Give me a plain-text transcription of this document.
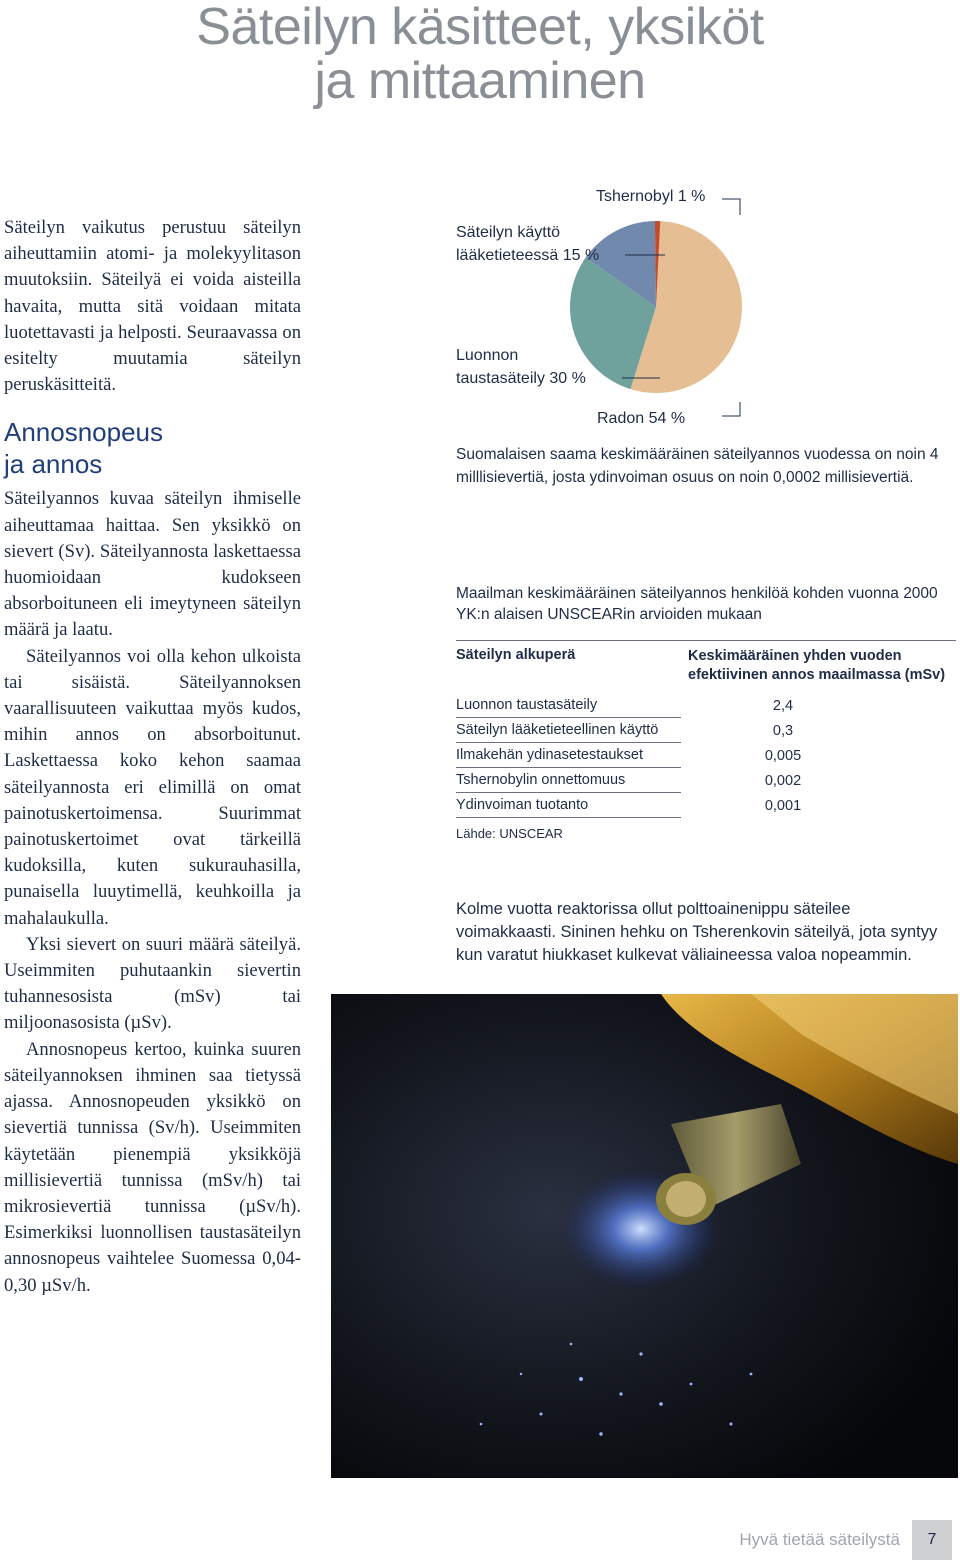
Säteilyn käsitteet, yksiköt
ja mittaaminen

Säteilyn vaikutus perustuu säteilyn aiheuttamiin atomi- ja molekyylitason muutoksiin. Säteilyä ei voida aisteilla havaita, mutta sitä voidaan mitata luotettavasti ja helposti. Seuraavassa on esitelty muutamia säteilyn peruskäsitteitä.

Annosnopeus
ja annos

Säteilyannos kuvaa säteilyn ihmiselle aiheuttamaa haittaa. Sen yksikkö on sievert (Sv). Säteilyannosta laskettaessa huomioidaan kudokseen absorboituneen eli imeytyneen säteilyn määrä ja laatu.

Säteilyannos voi olla kehon ulkoista tai sisäistä. Säteilyannoksen vaarallisuuteen vaikuttaa myös kudos, mihin annos on absorboitunut. Laskettaessa koko kehon saamaa säteilyannosta eri elimillä on omat painotuskertoimensa. Suurimmat painotuskertoimet ovat tärkeillä kudoksilla, kuten sukurauhasilla, punaisella luuytimellä, keuhkoilla ja mahalaukulla.

Yksi sievert on suuri määrä säteilyä. Useimmiten puhutaankin sievertin tuhannesosista (mSv) tai miljoonasosista (µSv).

Annosnopeus kertoo, kuinka suuren säteilyannoksen ihminen saa tietyssä ajassa. Annosnopeuden yksikkö on sievertiä tunnissa (Sv/h). Useimmiten käytetään pienempiä yksikköjä millisievertiä tunnissa (mSv/h) tai mikrosievertiä tunnissa (µSv/h). Esimerkiksi luonnollisen taustasäteilyn annosnopeus vaihtelee Suomessa 0,04-0,30 µSv/h.

Tshernobyl 1 %
Säteilyn käyttö
lääketieteessä 15 %
Luonnon
taustasäteily 30 %
Radon 54 %
Suomalaisen saama keskimääräinen säteilyannos vuodessa on noin 4 milllisievertiä, josta ydinvoiman osuus on noin 0,0002 millisievertiä.
Maailman keskimääräinen säteilyannos henkilöä kohden vuonna 2000 YK:n alaisen UNSCEARin arvioiden mukaan
Säteilyn alkuperä	Keskimääräinen yhden vuoden efektiivinen annos maailmassa (mSv)
Luonnon taustasäteily	2,4
Säteilyn lääketieteellinen käyttö	0,3
Ilmakehän ydinasetestaukset	0,005
Tshernobylin onnettomuus	0,002
Ydinvoiman tuotanto	0,001
Lähde: UNSCEAR
Kolme vuotta reaktorissa ollut polttoainenippu säteilee voimakkaasti. Sininen hehku on Tsherenkovin säteilyä, jota syntyy kun varatut hiukkaset kulkevat väliaineessa valoa nopeammin.
Hyvä tietää säteilystä	7
